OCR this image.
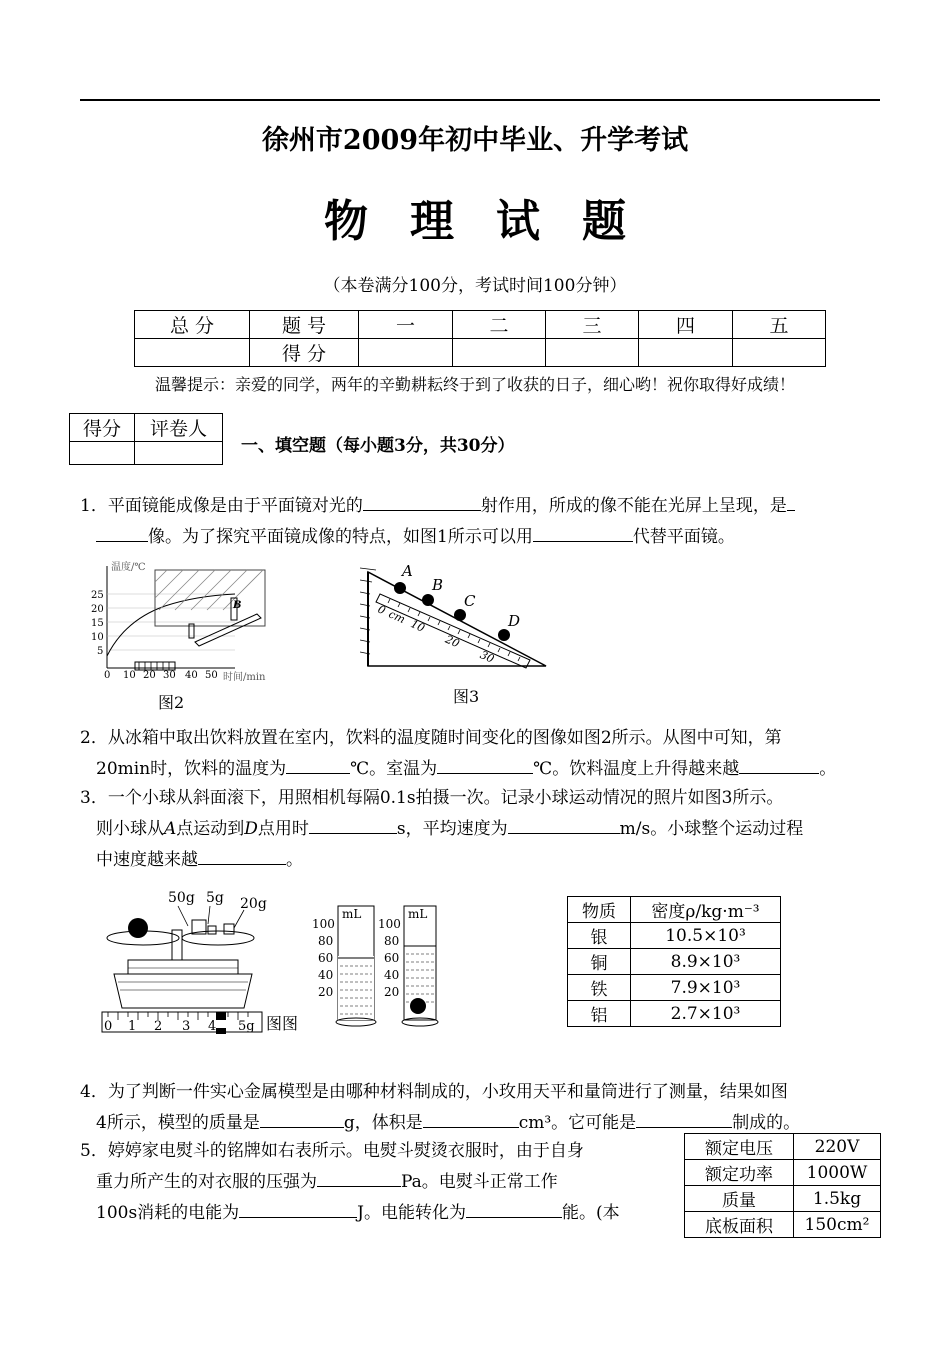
徐州市2009年初中毕业、升学考试
物理试题
（本卷满分100分，考试时间100分钟）
总 分	题 号	一	二	三	四	五
	得 分					
温馨提示：亲爱的同学，两年的辛勤耕耘终于到了收获的日子，细心哟！祝你取得好成绩！
得分	评卷人

一、填空题（每小题3分，共30分）
1．平面镜能成像是由于平面镜对光的	射作用，所成的像不能在光屏上呈现，是
像。为了探究平面镜成像的特点，如图1所示可以用	代替平面镜。
温度/℃
25
20
15
10
5
0 10 20 30 40 50 时间/min
B
图2
A
B
C
D
0 cm 10
20
30
图3
2．从冰箱中取出饮料放置在室内，饮料的温度随时间变化的图像如图2所示。从图中可知，第
20min时，饮料的温度为	℃。室温为	℃。饮料温度上升得越来越	。
3．一个小球从斜面滚下，用照相机每隔0.1s拍摄一次。记录小球运动情况的照片如图3所示。
则小球从A点运动到D点用时	s，平均速度为	m/s。小球整个运动过程
中速度越来越	。
50g 5g 20g
0 1 2 3 4 5g 图图
mL
100
80
60
40
20
mL
100
80
60
40
20
物质	密度ρ/kg·m⁻³
银	10.5×10³
铜	8.9×10³
铁	7.9×10³
铝	2.7×10³
4．为了判断一件实心金属模型是由哪种材料制成的，小玫用天平和量筒进行了测量，结果如图
4所示，模型的质量是	g，体积是	cm³。它可能是	制成的。
5．婷婷家电熨斗的铭牌如右表所示。电熨斗熨烫衣服时，由于自身
重力所产生的对衣服的压强为	Pa。电熨斗正常工作
100s消耗的电能为	J。电能转化为	能。(本
额定电压	220V
额定功率	1000W
质量	1.5kg
底板面积	150cm²
